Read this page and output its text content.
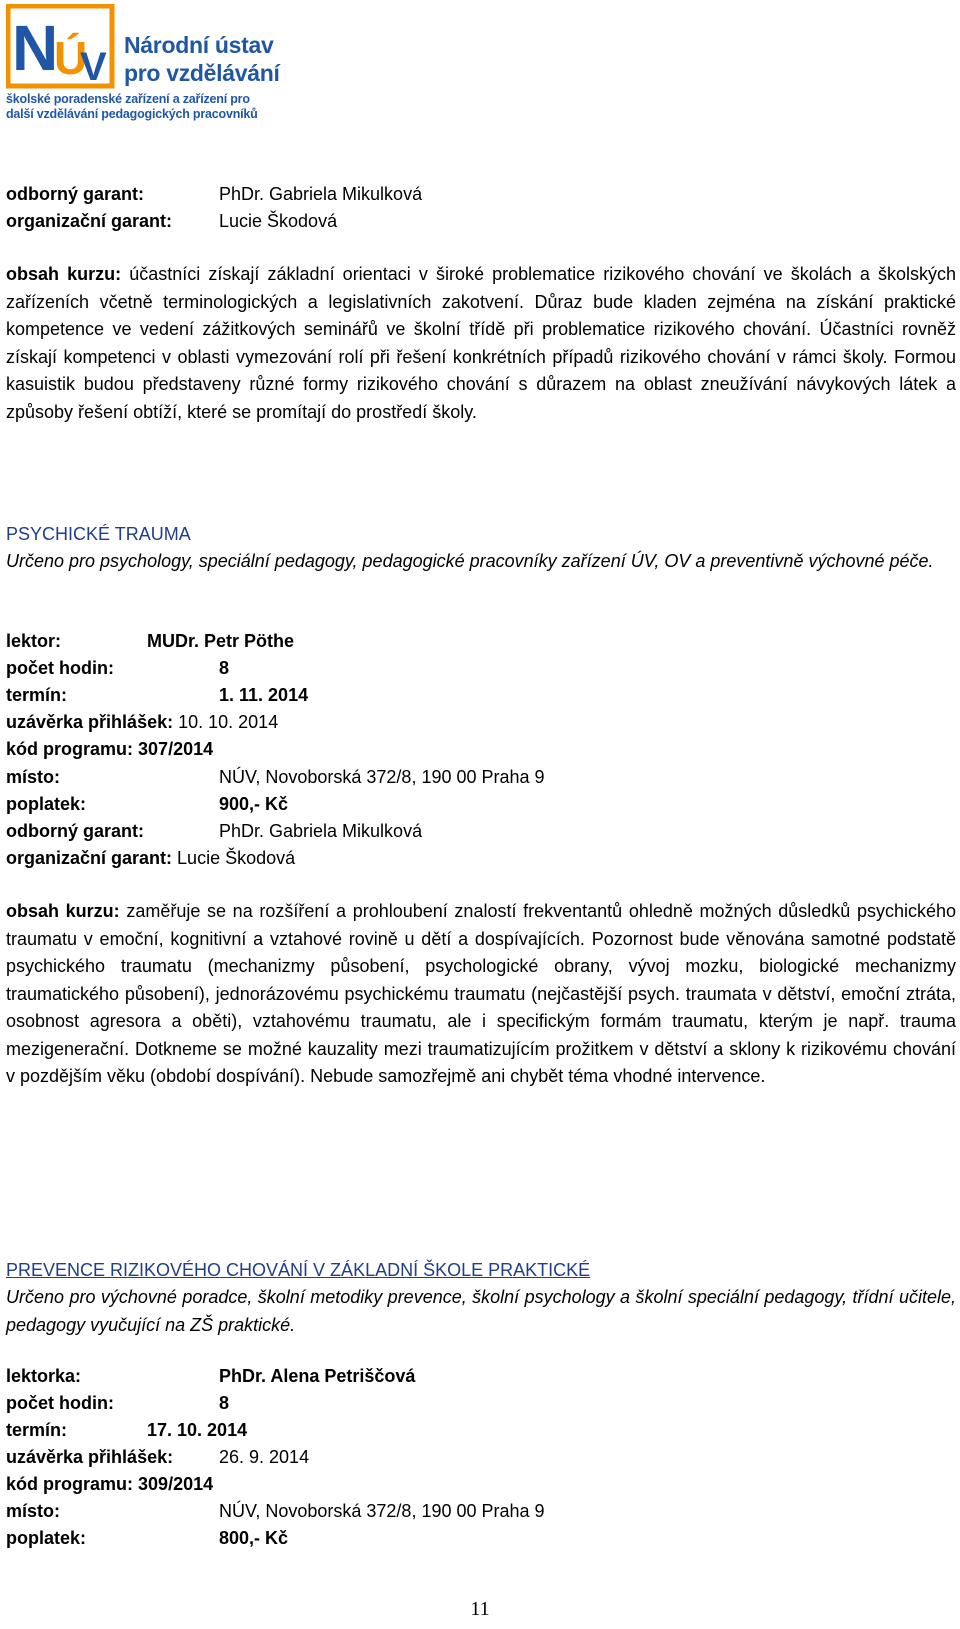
N
Ú
V Národní ústav
pro vzdělávání
školské poradenské zařízení a zařízení pro
další vzdělávání pedagogických pracovníků
odborný garant:	PhDr. Gabriela Mikulková
organizační garant:	Lucie Škodová
obsah kurzu: účastníci získají základní orientaci v široké problematice rizikového chování ve školách a školských zařízeních včetně terminologických a legislativních zakotvení. Důraz bude kladen zejména na získání praktické kompetence ve vedení zážitkových seminářů ve školní třídě při problematice rizikového chování. Účastníci rovněž získají kompetenci v oblasti vymezování rolí při řešení konkrétních případů rizikového chování v rámci školy. Formou kasuistik budou představeny různé formy rizikového chování s důrazem na oblast zneužívání návykových látek a způsoby řešení obtíží, které se promítají do prostředí školy.
PSYCHICKÉ TRAUMA
Určeno pro psychology, speciální pedagogy, pedagogické pracovníky zařízení ÚV, OV a preventivně výchovné péče.
lektor:	MUDr. Petr Pöthe
počet hodin:	8
termín:	1. 11. 2014
uzávěrka přihlášek: 10. 10. 2014
kód programu: 307/2014
místo:	NÚV, Novoborská 372/8, 190 00 Praha 9
poplatek:	900,- Kč
odborný garant:	PhDr. Gabriela Mikulková
organizační garant: Lucie Škodová
obsah kurzu: zaměřuje se na rozšíření a prohloubení znalostí frekventantů ohledně možných důsledků psychického traumatu v emoční, kognitivní a vztahové rovině u dětí a dospívajících. Pozornost bude věnována samotné podstatě psychického traumatu (mechanizmy působení, psychologické obrany, vývoj mozku, biologické mechanizmy traumatického působení), jednorázovému psychickému traumatu (nejčastější psych. traumata v dětství, emoční ztráta, osobnost agresora a oběti), vztahovému traumatu, ale i specifickým formám traumatu, kterým je např. trauma mezigenerační. Dotkneme se možné kauzality mezi traumatizujícím prožitkem v dětství a sklony k rizikovému chování v pozdějším věku (období dospívání). Nebude samozřejmě ani chybět téma vhodné intervence.
PREVENCE RIZIKOVÉHO CHOVÁNÍ V ZÁKLADNÍ ŠKOLE PRAKTICKÉ
Určeno pro výchovné poradce, školní metodiky prevence, školní psychology a školní speciální pedagogy, třídní učitele, pedagogy vyučující na ZŠ praktické.
lektorka:	PhDr. Alena Petriščová
počet hodin:	8
termín:	17. 10. 2014
uzávěrka přihlášek:	26. 9. 2014
kód programu: 309/2014
místo:	NÚV, Novoborská 372/8, 190 00 Praha 9
poplatek:	800,- Kč
11
